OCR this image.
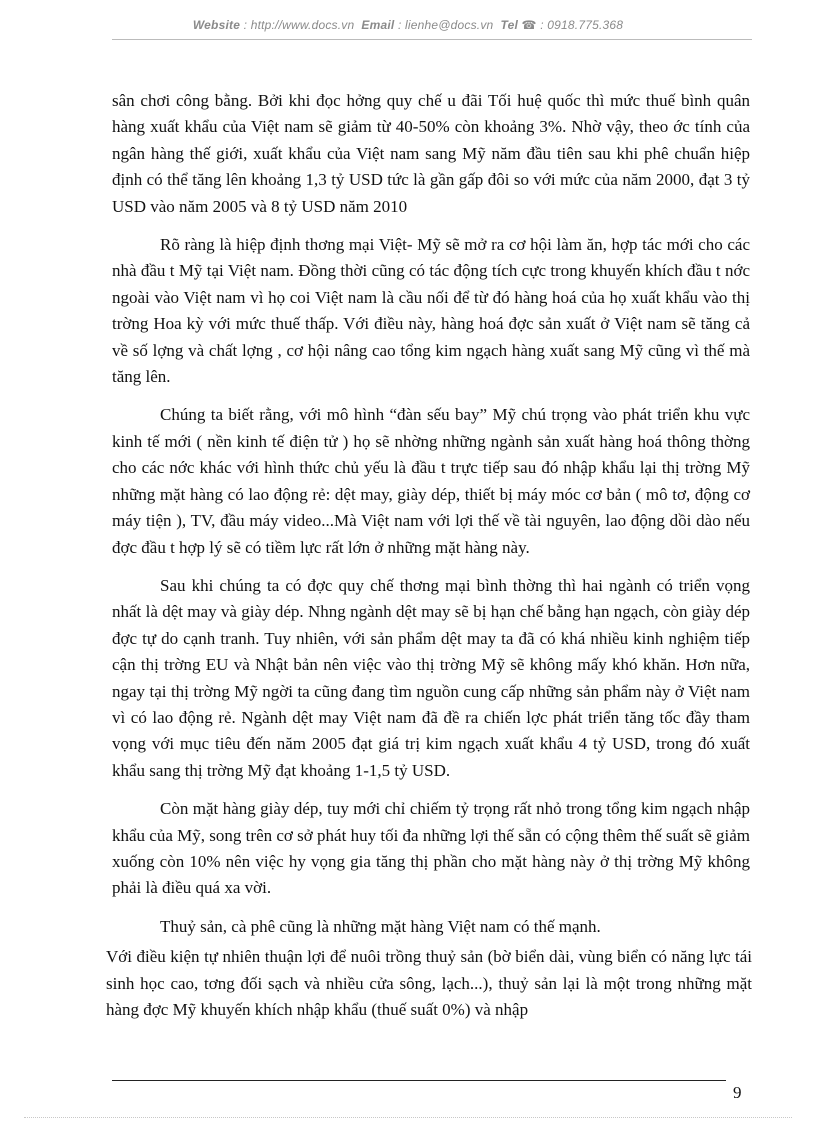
Website : http://www.docs.vn Email : lienhe@docs.vn Tel ☎ : 0918.775.368

sân chơi công bằng. Bởi khi đọc hởng quy chế u đãi Tối huệ quốc thì mức thuế bình quân hàng xuất khẩu của Việt nam sẽ giảm từ 40-50% còn khoảng 3%. Nhờ vậy, theo ớc tính của ngân hàng thế giới, xuất khẩu của Việt nam sang Mỹ năm đầu tiên sau khi phê chuẩn hiệp định có thể tăng lên khoảng 1,3 tỷ USD tức là gần gấp đôi so với mức của năm 2000, đạt 3 tỷ USD vào năm 2005 và 8 tỷ USD năm 2010

Rõ ràng là hiệp định thơng mại Việt- Mỹ sẽ mở ra cơ hội làm ăn, hợp tác mới cho các nhà đầu t Mỹ tại Việt nam. Đồng thời cũng có tác động tích cực trong khuyến khích đầu t nớc ngoài vào Việt nam vì họ coi Việt nam là cầu nối để từ đó hàng hoá của họ xuất khẩu vào thị trờng Hoa kỳ với mức thuế thấp. Với điều này, hàng hoá đợc sản xuất ở Việt nam sẽ tăng cả về số lợng và chất lợng , cơ hội nâng cao tổng kim ngạch hàng xuất sang Mỹ cũng vì thế mà tăng lên.

Chúng ta biết rằng, với mô hình “đàn sếu bay” Mỹ chú trọng vào phát triển khu vực kinh tế mới ( nền kinh tế điện tử ) họ sẽ nhờng những ngành sản xuất hàng hoá thông thờng cho các nớc khác với hình thức chủ yếu là đầu t trực tiếp sau đó nhập khẩu lại thị trờng Mỹ những mặt hàng có lao động rẻ: dệt may, giày dép, thiết bị máy móc cơ bản ( mô tơ, động cơ máy tiện ), TV, đầu máy video...Mà Việt nam với lợi thế về tài nguyên, lao động dồi dào nếu đợc đầu t hợp lý sẽ có tiềm lực rất lớn ở những mặt hàng này.

Sau khi chúng ta có đợc quy chế thơng mại bình thờng thì hai ngành có triển vọng nhất là dệt may và giày dép. Nhng ngành dệt may sẽ bị hạn chế bằng hạn ngạch, còn giày dép đợc tự do cạnh tranh. Tuy nhiên, với sản phẩm dệt may ta đã có khá nhiều kinh nghiệm tiếp cận thị trờng EU và Nhật bản nên việc vào thị trờng Mỹ sẽ không mấy khó khăn. Hơn nữa, ngay tại thị trờng Mỹ ngời ta cũng đang tìm nguồn cung cấp những sản phẩm này ở Việt nam vì có lao động rẻ. Ngành dệt may Việt nam đã đề ra chiến lợc phát triển tăng tốc đầy tham vọng với mục tiêu đến năm 2005 đạt giá trị kim ngạch xuất khẩu 4 tỷ USD, trong đó xuất khẩu sang thị trờng Mỹ đạt khoảng 1-1,5 tỷ USD.

Còn mặt hàng giày dép, tuy mới chỉ chiếm tỷ trọng rất nhỏ trong tổng kim ngạch nhập khẩu của Mỹ, song trên cơ sở phát huy tối đa những lợi thế sẵn có cộng thêm thế suất sẽ giảm xuống còn 10% nên việc hy vọng gia tăng thị phần cho mặt hàng này ở thị trờng Mỹ không phải là điều quá xa vời.

Thuỷ sản, cà phê cũng là những mặt hàng Việt nam có thế mạnh.

Với điều kiện tự nhiên thuận lợi để nuôi trồng thuỷ sản (bờ biển dài, vùng biển có năng lực tái sinh học cao, tơng đối sạch và nhiều cửa sông, lạch...), thuỷ sản lại là một trong những mặt hàng đợc Mỹ khuyến khích nhập khẩu (thuế suất 0%) và nhập

9
